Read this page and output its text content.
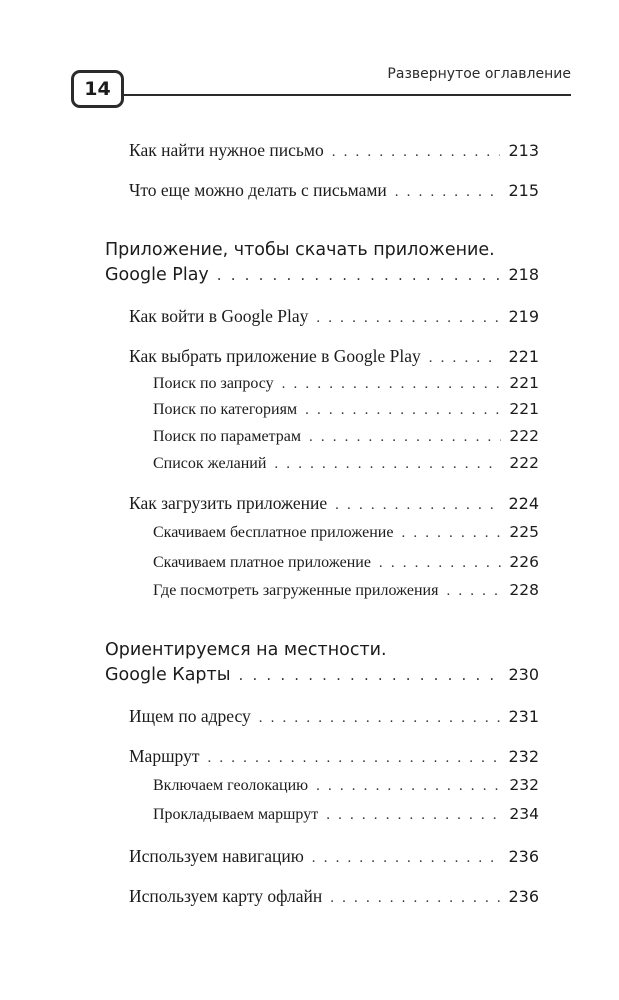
14
Развернутое оглавление
Как найти нужное письмо . . .	213
Что еще можно делать с письмами . . .	215
Приложение, чтобы скачать приложение.
Google Play . . .	218
Как войти в Google Play . . .	219
Как выбрать приложение в Google Play . . .	221
Поиск по запросу . . .	221
Поиск по категориям . . .	221
Поиск по параметрам . . .	222
Список желаний . . .	222
Как загрузить приложение . . .	224
Скачиваем бесплатное приложение . . .	225
Скачиваем платное приложение . . .	226
Где посмотреть загруженные приложения . . .	228
Ориентируемся на местности.
Google Карты . . .	230
Ищем по адресу . . .	231
Маршрут . . .	232
Включаем геолокацию . . .	232
Прокладываем маршрут . . .	234
Используем навигацию . . .	236
Используем карту офлайн . . .	236
